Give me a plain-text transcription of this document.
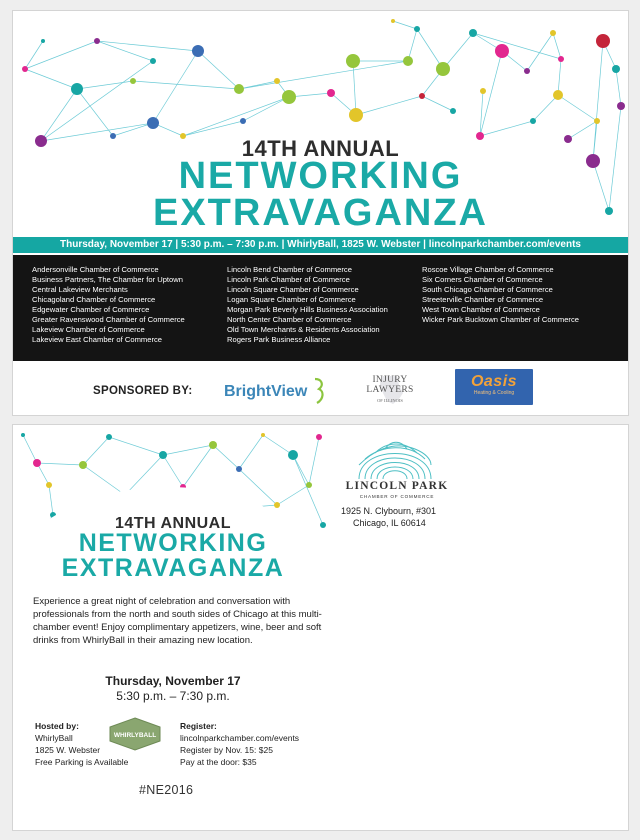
14TH ANNUAL
NETWORKING
EXTRAVAGANZA
Thursday, November 17 | 5:30 p.m. – 7:30 p.m. | WhirlyBall, 1825 W. Webster | lincolnparkchamber.com/events
Andersonville Chamber of Commerce
Business Partners, The Chamber for Uptown
Central Lakeview Merchants
Chicagoland Chamber of Commerce
Edgewater Chamber of Commerce
Greater Ravenswood Chamber of Commerce
Lakeview Chamber of Commerce
Lakeview East Chamber of Commerce
Lincoln Bend Chamber of Commerce
Lincoln Park Chamber of Commerce
Lincoln Square Chamber of Commerce
Logan Square Chamber of Commerce
Morgan Park Beverly Hills Business Association
North Center Chamber of Commerce
Old Town Merchants & Residents Association
Rogers Park Business Alliance
Roscoe Village Chamber of Commerce
Six Corners Chamber of Commerce
South Chicago Chamber of Commerce
Streeterville Chamber of Commerce
West Town Chamber of Commerce
Wicker Park Bucktown Chamber of Commerce
SPONSORED BY: BrightView
INJURY LAWYERS
OF ILLINOIS
Oasis
Heating & Cooling
14TH ANNUAL
NETWORKING
EXTRAVAGANZA
LINCOLN PARK
CHAMBER OF COMMERCE
1925 N. Clybourn, #301
Chicago, IL 60614
Experience a great night of celebration and conversation with professionals from the north and south sides of Chicago at this multi-chamber event! Enjoy complimentary appetizers, wine, beer and soft drinks from WhirlyBall in their amazing new location.
Thursday, November 17
5:30 p.m. – 7:30 p.m.
Hosted by:
WhirlyBall
1825 W. Webster
Free Parking is Available
WHIRLYBALL
Register:
lincolnparkchamber.com/events
Register by Nov. 15: $25
Pay at the door: $35
#NE2016
